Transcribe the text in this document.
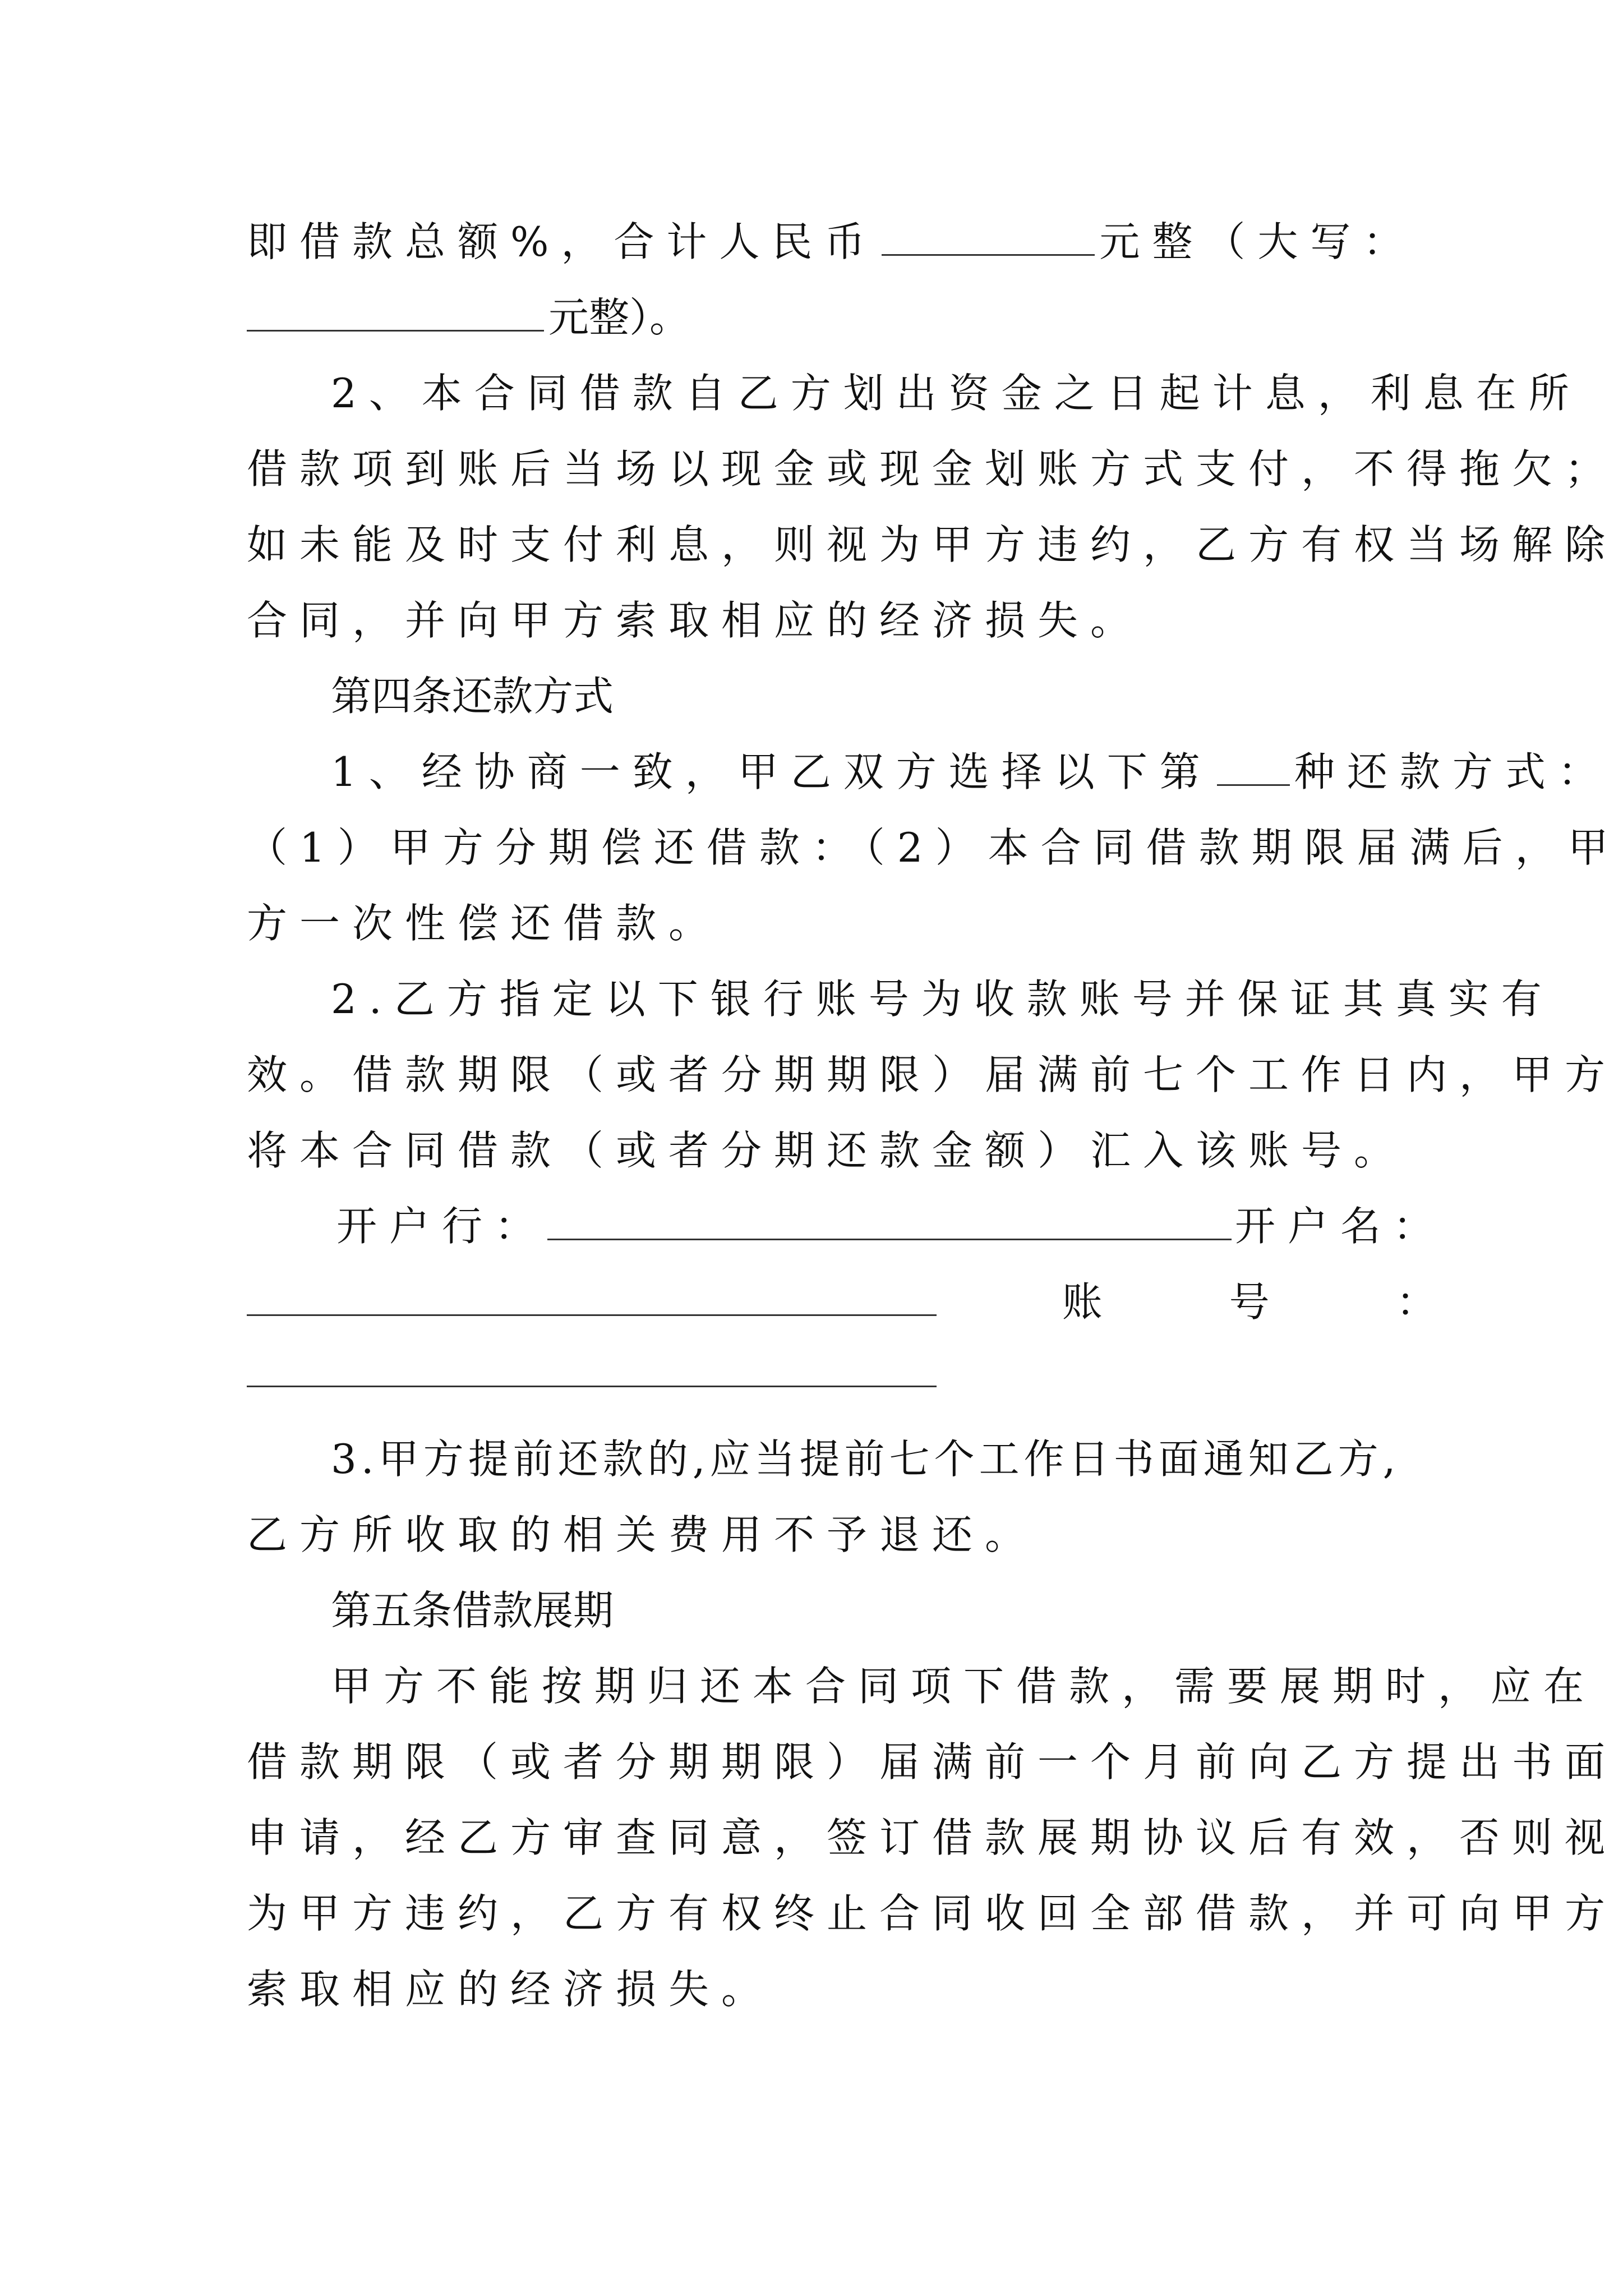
即借款总额%，合计人民币	元整（大写：
元整）。
2、本合同借款自乙方划出资金之日起计息，利息在所
借款项到账后当场以现金或现金划账方式支付，不得拖欠；
如未能及时支付利息，则视为甲方违约，乙方有权当场解除
合同，并向甲方索取相应的经济损失。
第四条还款方式
1、经协商一致，甲乙双方选择以下第 种还款方式：
（1）甲方分期偿还借款：（2）本合同借款期限届满后，甲
方一次性偿还借款。
2.乙方指定以下银行账号为收款账号并保证其真实有
效。借款期限（或者分期期限）届满前七个工作日内，甲方
将本合同借款（或者分期还款金额）汇入该账号。
开户行：	开户名：
账	号	：
3.甲方提前还款的,应当提前七个工作日书面通知乙方,
乙方所收取的相关费用不予退还。
第五条借款展期
甲方不能按期归还本合同项下借款，需要展期时，应在
借款期限（或者分期期限）届满前一个月前向乙方提出书面
申请，经乙方审查同意，签订借款展期协议后有效，否则视
为甲方违约，乙方有权终止合同收回全部借款，并可向甲方
索取相应的经济损失。
